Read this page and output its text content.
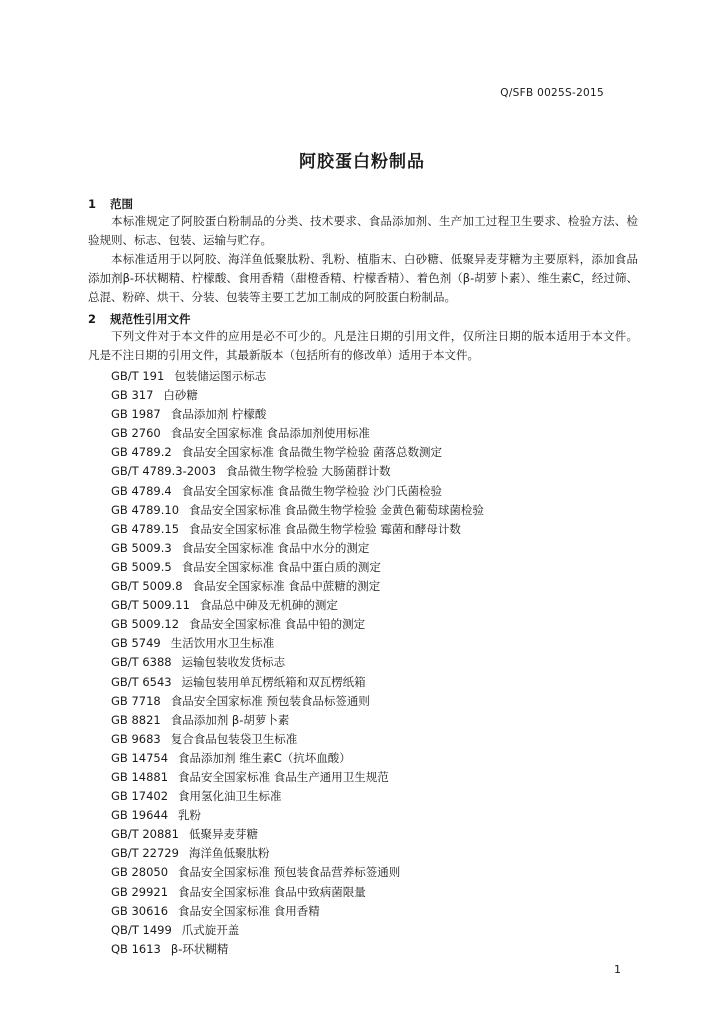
Q/SFB 0025S-2015
阿胶蛋白粉制品
1 范围

本标准规定了阿胶蛋白粉制品的分类、技术要求、食品添加剂、生产加工过程卫生要求、检验方法、检验规则、标志、包装、运输与贮存。

本标准适用于以阿胶、海洋鱼低聚肽粉、乳粉、植脂末、白砂糖、低聚异麦芽糖为主要原料，添加食品添加剂β-环状糊精、柠檬酸、食用香精（甜橙香精、柠檬香精）、着色剂（β-胡萝卜素）、维生素C，经过筛、总混、粉碎、烘干、分装、包装等主要工艺加工制成的阿胶蛋白粉制品。

2 规范性引用文件

下列文件对于本文件的应用是必不可少的。凡是注日期的引用文件，仅所注日期的版本适用于本文件。凡是不注日期的引用文件，其最新版本（包括所有的修改单）适用于本文件。

GB/T 191 包装储运图示标志
GB 317 白砂糖
GB 1987 食品添加剂 柠檬酸
GB 2760 食品安全国家标准 食品添加剂使用标准
GB 4789.2 食品安全国家标准 食品微生物学检验 菌落总数测定
GB/T 4789.3-2003 食品微生物学检验 大肠菌群计数
GB 4789.4 食品安全国家标准 食品微生物学检验 沙门氏菌检验
GB 4789.10 食品安全国家标准 食品微生物学检验 金黄色葡萄球菌检验
GB 4789.15 食品安全国家标准 食品微生物学检验 霉菌和酵母计数
GB 5009.3 食品安全国家标准 食品中水分的测定
GB 5009.5 食品安全国家标准 食品中蛋白质的测定
GB/T 5009.8 食品安全国家标准 食品中蔗糖的测定
GB/T 5009.11 食品总中砷及无机砷的测定
GB 5009.12 食品安全国家标准 食品中铅的测定
GB 5749 生活饮用水卫生标准
GB/T 6388 运输包装收发货标志
GB/T 6543 运输包装用单瓦楞纸箱和双瓦楞纸箱
GB 7718 食品安全国家标准 预包装食品标签通则
GB 8821 食品添加剂 β-胡萝卜素
GB 9683 复合食品包装袋卫生标准
GB 14754 食品添加剂 维生素C（抗坏血酸）
GB 14881 食品安全国家标准 食品生产通用卫生规范
GB 17402 食用氢化油卫生标准
GB 19644 乳粉
GB/T 20881 低聚异麦芽糖
GB/T 22729 海洋鱼低聚肽粉
GB 28050 食品安全国家标准 预包装食品营养标签通则
GB 29921 食品安全国家标准 食品中致病菌限量
GB 30616 食品安全国家标准 食用香精
QB/T 1499 爪式旋开盖
QB 1613 β-环状糊精
1
